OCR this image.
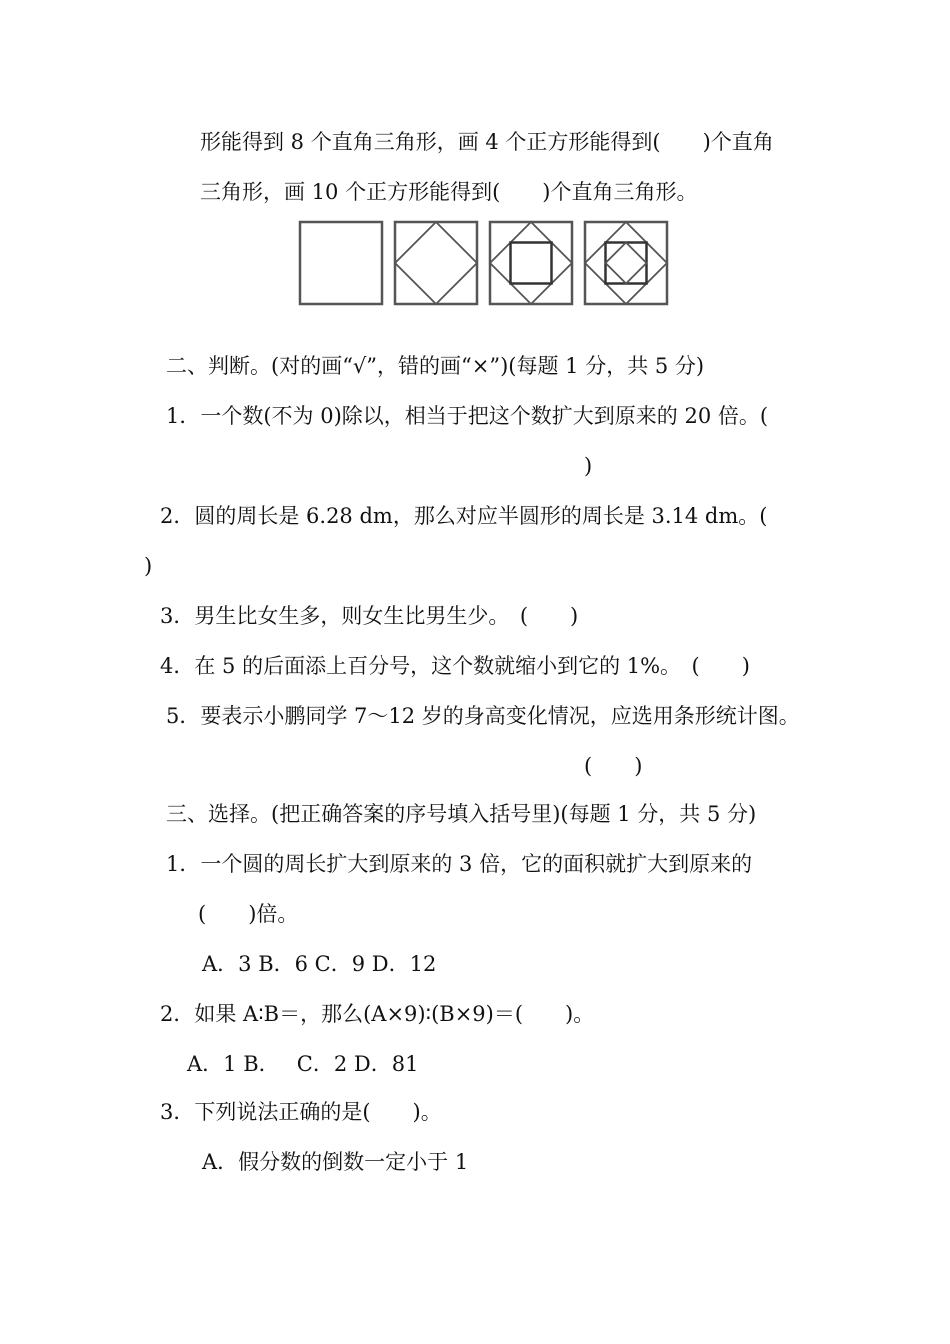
形能得到 8 个直角三角形，画 4 个正方形能得到(　　)个直角
三角形，画 10 个正方形能得到(　　)个直角三角形。
二、判断。(对的画“√”，错的画“×”)(每题 1 分，共 5 分)
1．一个数(不为 0)除以，相当于把这个数扩大到原来的 20 倍。(
)
2．圆的周长是 6.28 dm，那么对应半圆形的周长是 3.14 dm。(
)
3．男生比女生多，则女生比男生少。　(　　)
4．在 5 的后面添上百分号，这个数就缩小到它的 1%。　(　　)
5．要表示小鹏同学 7～12 岁的身高变化情况，应选用条形统计图。
(　　)
三、选择。(把正确答案的序号填入括号里)(每题 1 分，共 5 分)
1．一个圆的周长扩大到原来的 3 倍，它的面积就扩大到原来的
(　　)倍。
A．3 B．6 C．9 D．12
2．如果 A∶B＝，那么(A×9)∶(B×9)＝(　　)。
A．1 B．　 C．2 D．81
3．下列说法正确的是(　　)。
A．假分数的倒数一定小于 1
